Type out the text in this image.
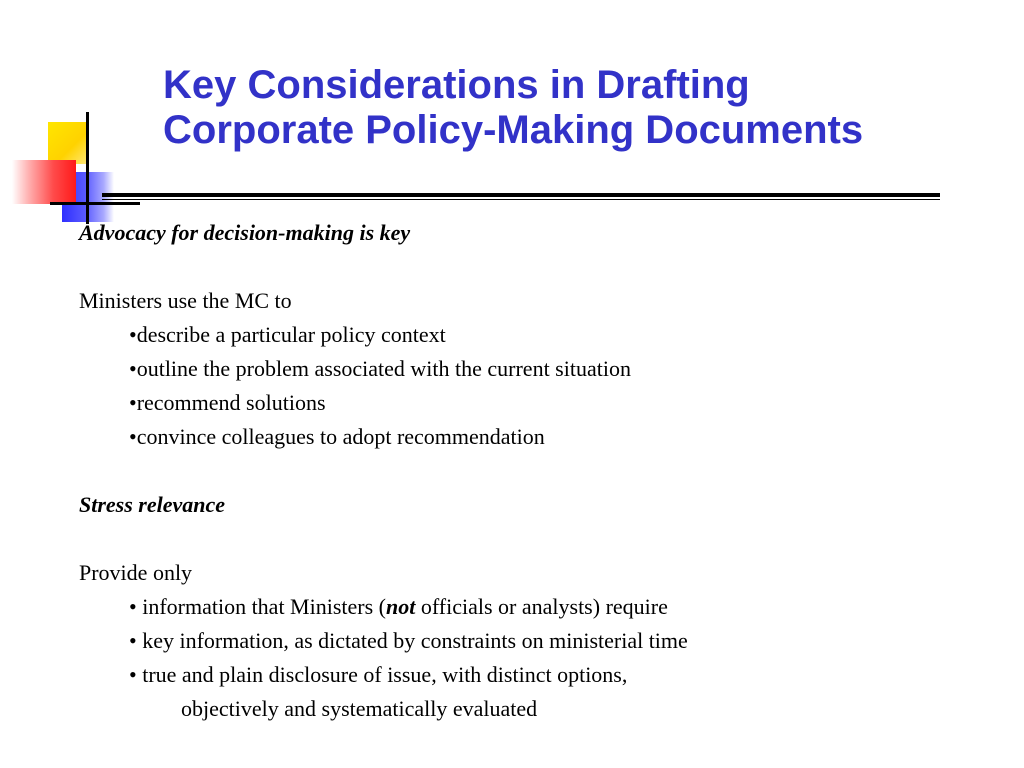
Key Considerations in Drafting
Corporate Policy-Making Documents
Advocacy for decision-making is key
Ministers use the MC to
•describe a particular policy context
•outline the problem associated with the current situation
•recommend solutions
•convince colleagues to adopt recommendation
Stress relevance
Provide only
• information that Ministers (not officials or analysts) require
• key information, as dictated by constraints on ministerial time
• true and plain disclosure of issue, with distinct options,
objectively and systematically evaluated
